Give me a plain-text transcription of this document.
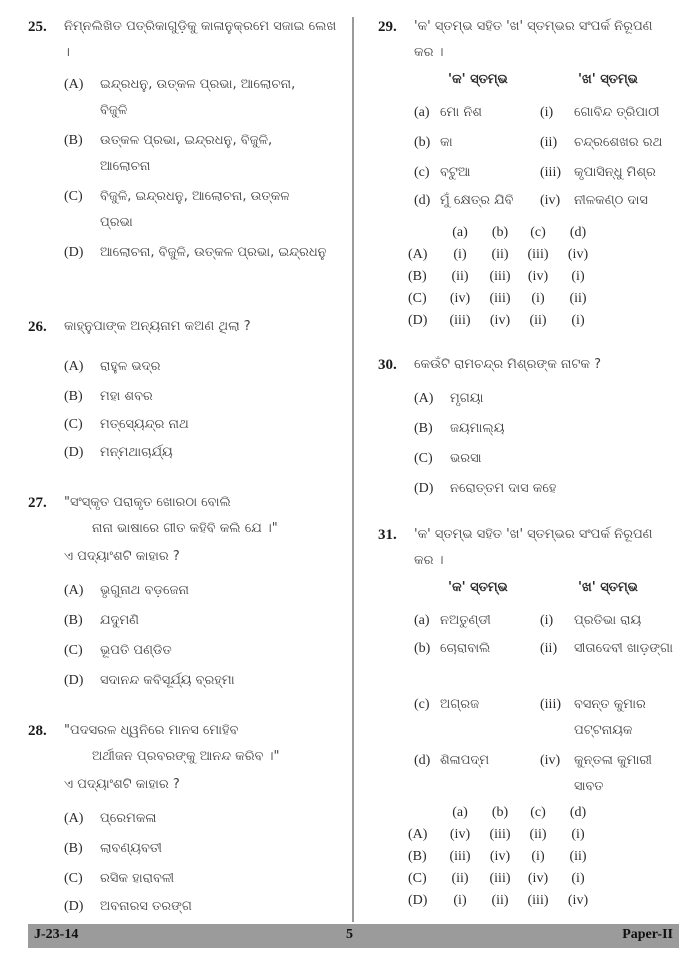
25. ନିମ୍ନଲିଖିତ ପତ୍ରିକାଗୁଡ଼ିକୁ କାଳାନୁକ୍ରମେ ସଜାଇ ଲେଖ ।
(A) ଇନ୍ଦ୍ରଧନୁ, ଉତ୍କଳ ପ୍ରଭା, ଆଲୋଚନା, ବିଜୁଳି
(B) ଉତ୍କଳ ପ୍ରଭା, ଇନ୍ଦ୍ରଧନୁ, ବିଜୁଳି, ଆଲୋଚନା
(C) ବିଜୁଳି, ଇନ୍ଦ୍ରଧନୁ, ଆଲୋଚନା, ଉତ୍କଳ ପ୍ରଭା
(D) ଆଲୋଚନା, ବିଜୁଳି, ଉତ୍କଳ ପ୍ରଭା, ଇନ୍ଦ୍ରଧନୁ
26. କାହ୍ନୁପାଙ୍କ ଅନ୍ୟନାମ କଅଣ ଥିଲା ?
(A) ରାହୁଳ ଭଦ୍ର
(B) ମହା ଶବର
(C) ମତ୍ସ୍ୟେନ୍ଦ୍ର ନାଥ
(D) ମନ୍ମଥାଚାର୍ଯ୍ୟ
27. "ସଂସ୍କୃତ ପରାକୃତ ଖୋରଠା ବୋଲି
ନାନା ଭାଷାରେ ଗୀତ କହିବି କଲି ଯେ ।"
ଏ ପଦ୍ୟାଂଶଟି କାହାର ?
(A) ଭୃଗୁନାଥ ବଡ଼ଜେନା
(B) ଯଦୁମଣି
(C) ଭୂପତି ପଣ୍ଡିତ
(D) ସଦାନନ୍ଦ କବିସୂର୍ଯ୍ୟ ବ୍ରହ୍ମା
28. "ପଦସରଳ ଧ୍ୱନିରେ ମାନସ ମୋହିବ
ଅର୍ଥୀଜନ ପ୍ରବରଙ୍କୁ ଆନନ୍ଦ କରିବ ।"
ଏ ପଦ୍ୟାଂଶଟି କାହାର ?
(A) ପ୍ରେମକଳା
(B) ଲାବଣ୍ୟବତୀ
(C) ରସିକ ହାରାବଳୀ
(D) ଅବନାରସ ତରଙ୍ଗ
29. 'କ' ସ୍ତମ୍ଭ ସହିତ 'ଖ' ସ୍ତମ୍ଭର ସଂପର୍କ ନିରୂପଣ କର ।
'କ' ସ୍ତମ୍ଭ	'ଖ' ସ୍ତମ୍ଭ
(a) ମୋ ନିଶ	(i) ଗୋବିନ୍ଦ ତ୍ରିପାଠୀ
(b) କା	(ii) ଚନ୍ଦ୍ରଶେଖର ରଥ
(c) ବଟୁଆ	(iii) କୃପାସିନ୍ଧୁ ମିଶ୍ର
(d) ମୁଁ କ୍ଷେତ୍ର ଯିବି (iv) ନୀଳକଣ୍ଠ ଦାସ
(a)	(b)	(c)	(d)
(A)	(i)	(ii)	(iii)	(iv)
(B)	(ii)	(iii)	(iv)	(i)
(C)	(iv)	(iii)	(i)	(ii)
(D)	(iii)	(iv)	(ii)	(i)
30. କେଉଁଟି ରାମଚନ୍ଦ୍ର ମିଶ୍ରଙ୍କ ନାଟକ ?
(A) ମୃଗୟା
(B) ଜୟମାଲ୍ୟ
(C) ଭରସା
(D) ନରୋତ୍ତମ ଦାସ କହେ
31. 'କ' ସ୍ତମ୍ଭ ସହିତ 'ଖ' ସ୍ତମ୍ଭର ସଂପର୍କ ନିରୂପଣ କର ।
'କ' ସ୍ତମ୍ଭ	'ଖ' ସ୍ତମ୍ଭ
(a) ନଅତୁଣ୍ଡୀ	(i) ପ୍ରତିଭା ରାୟ
(b) ଚୋରାବାଲି	(ii) ସୀତାଦେବୀ ଖାଡ଼ଙ୍ଗା
(c) ଅଗ୍ରଜ	(iii) ବସନ୍ତ କୁମାର ପଟ୍ଟନାୟକ
(d) ଶିଳାପଦ୍ମ	(iv) କୁନ୍ତଳା କୁମାରୀ ସାବତ
(a)	(b)	(c)	(d)
(A)	(iv)	(iii)	(ii)	(i)
(B)	(iii)	(iv)	(i)	(ii)
(C)	(ii)	(iii)	(iv)	(i)
(D)	(i)	(ii)	(iii)	(iv)
J-23-14	5	Paper-II
